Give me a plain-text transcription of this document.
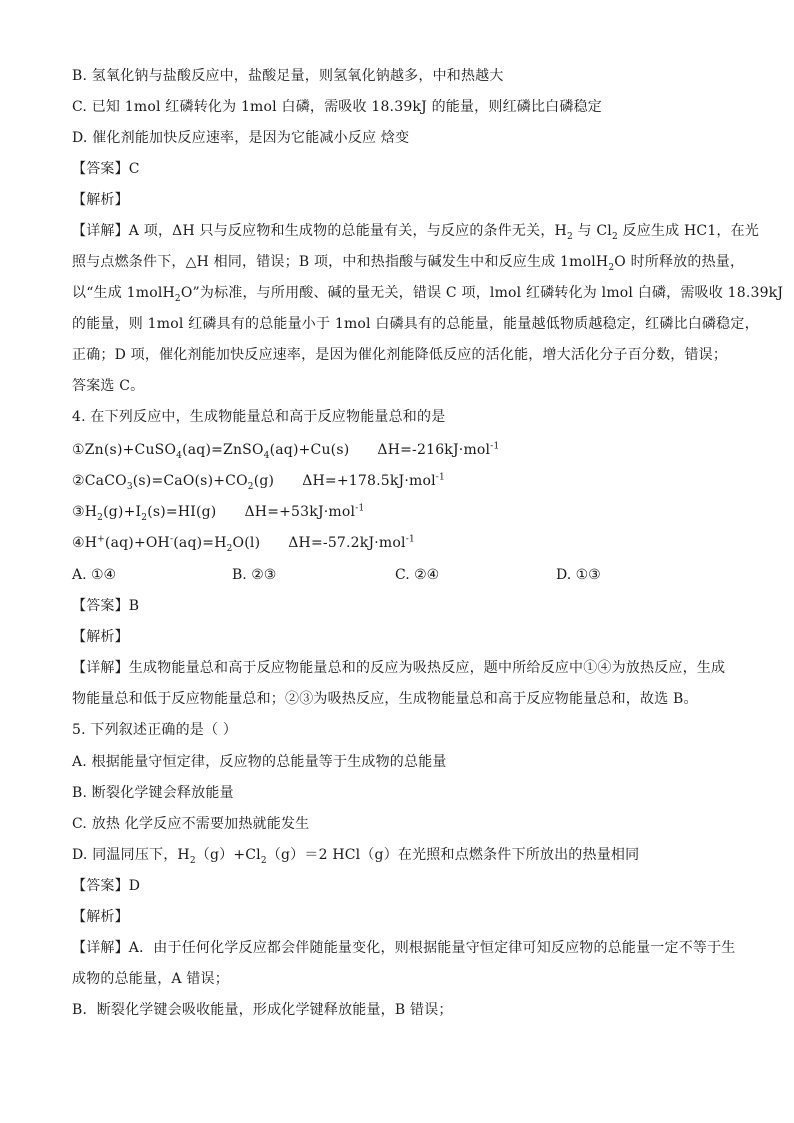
B. 氢氧化钠与盐酸反应中，盐酸足量，则氢氧化钠越多，中和热越大
C. 已知 1mol 红磷转化为 1mol 白磷，需吸收 18.39kJ 的能量，则红磷比白磷稳定
D. 催化剂能加快反应速率，是因为它能减小反应 焓变
【答案】C
【解析】
【详解】A 项，ΔH 只与反应物和生成物的总能量有关，与反应的条件无关，$H_2$ 与 $Cl_2$ 反应生成 HC1，在光
照与点燃条件下，△H 相同，错误；B 项，中和热指酸与碱发生中和反应生成 1molH$_2$O 时所释放的热量，
以“生成 1molH$_2$O”为标准，与所用酸、碱的量无关，错误 C 项，lmol 红磷转化为 lmol 白磷，需吸收 18.39kJ
的能量，则 1mol 红磷具有的总能量小于 1mol 白磷具有的总能量，能量越低物质越稳定，红磷比白磷稳定，
正确；D 项，催化剂能加快反应速率，是因为催化剂能降低反应的活化能，增大活化分子百分数，错误；
答案选 C。
4. 在下列反应中，生成物能量总和高于反应物能量总和的是
①Zn(s)+CuSO$_4$(aq)=ZnSO$_4$(aq)+Cu(s) ΔH=-216kJ·mol$^{-1}$
$②CaCO_3(s)=CaO(s)+CO_2(g)$ ΔH=+178.5kJ·mol$^{-1}$
$③H_2(g)+I_2(s)=HI(g)$ ΔH=+53kJ·mol$^{-1}$
$④H^+(aq)+OH^-(aq)=H_2O(l)$ ΔH=-57.2kJ·mol$^{-1}$
A. ①④	B. ②③	C. ②④	D. ①③
【答案】B
【解析】
【详解】生成物能量总和高于反应物能量总和的反应为吸热反应，题中所给反应中①④为放热反应，生成
物能量总和低于反应物能量总和；②③为吸热反应，生成物能量总和高于反应物能量总和，故选 B。
5. 下列叙述正确的是（ ）
A. 根据能量守恒定律，反应物的总能量等于生成物的总能量
B. 断裂化学键会释放能量
C. 放热 化学反应不需要加热就能发生
D. 同温同压下，$H_2(g)+Cl_2(g)=2$ HCl（g）在光照和点燃条件下所放出的热量相同
【答案】D
【解析】
【详解】A．由于任何化学反应都会伴随能量变化，则根据能量守恒定律可知反应物的总能量一定不等于生
成物的总能量，A 错误；
B．断裂化学键会吸收能量，形成化学键释放能量，B 错误；
